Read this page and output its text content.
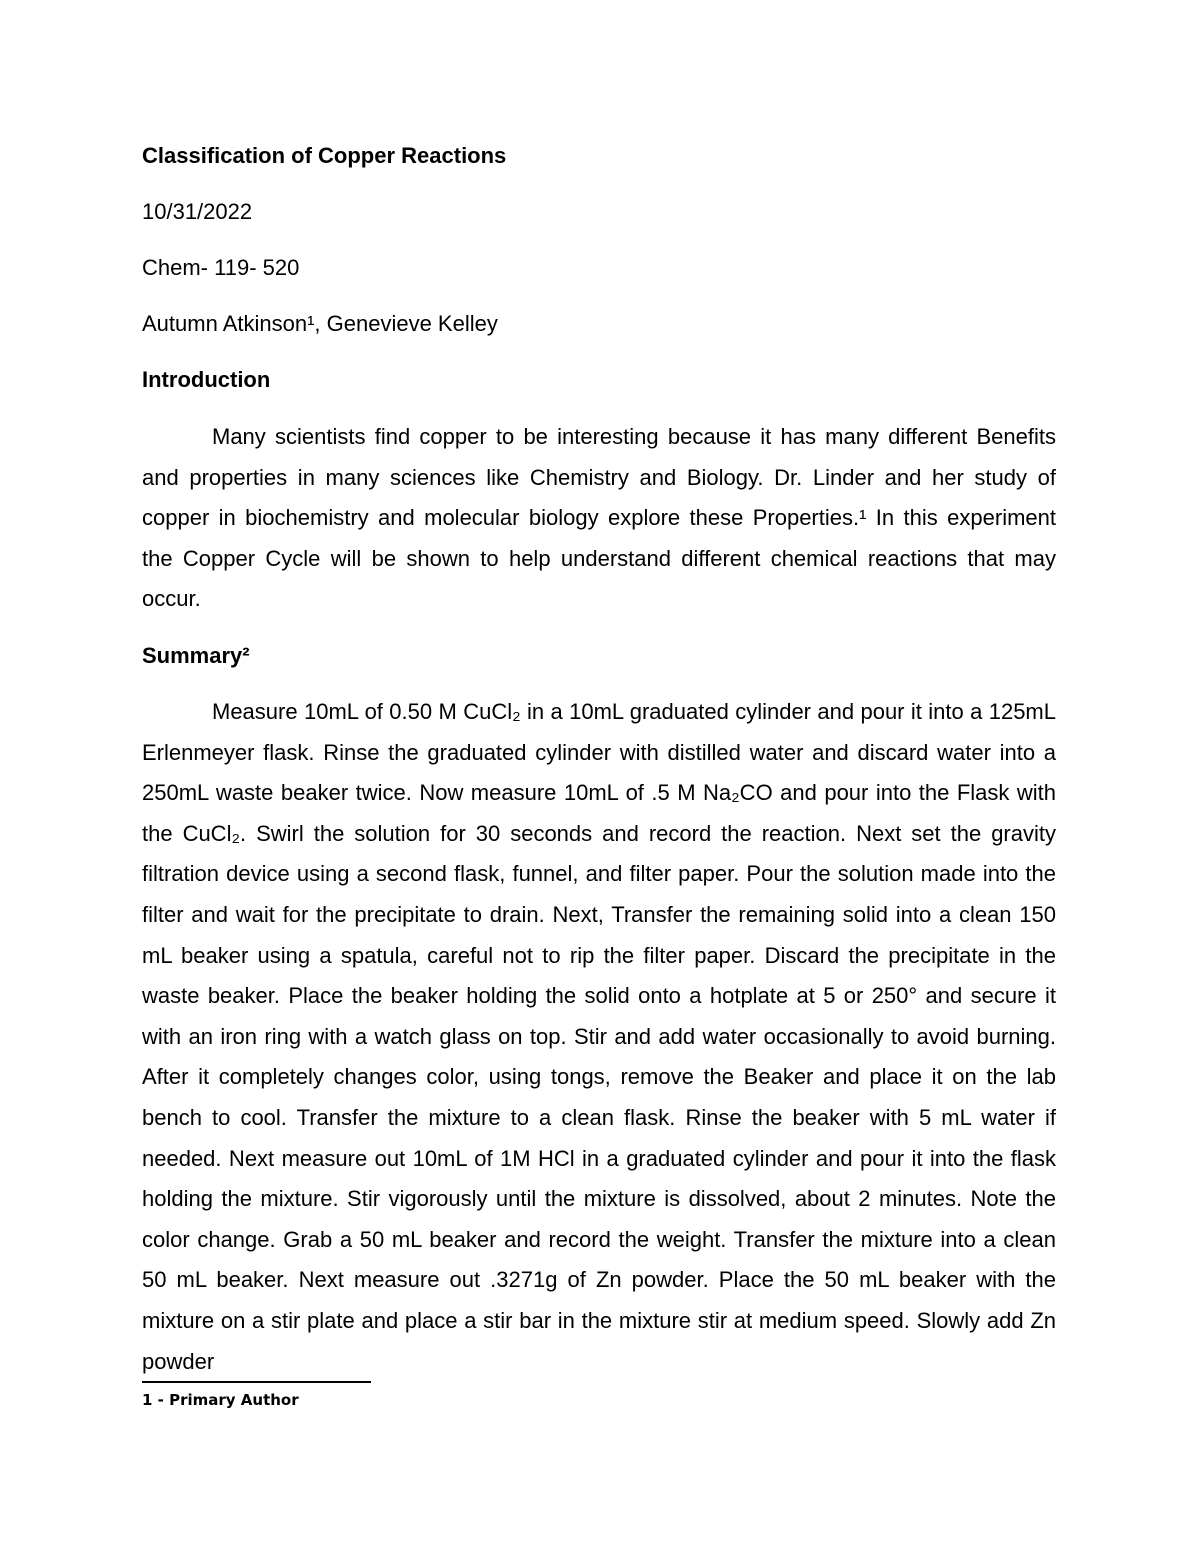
Classification of Copper Reactions
10/31/2022
Chem- 119- 520
Autumn Atkinson¹, Genevieve Kelley
Introduction

Many scientists find copper to be interesting because it has many different Benefits and properties in many sciences like Chemistry and Biology. Dr. Linder and her study of copper in biochemistry and molecular biology explore these Properties.¹ In this experiment the Copper Cycle will be shown to help understand different chemical reactions that may occur.

Summary²

Measure 10mL of 0.50 M CuCl₂ in a 10mL graduated cylinder and pour it into a 125mL Erlenmeyer flask. Rinse the graduated cylinder with distilled water and discard water into a 250mL waste beaker twice. Now measure 10mL of .5 M Na₂CO and pour into the Flask with the CuCl₂. Swirl the solution for 30 seconds and record the reaction. Next set the gravity filtration device using a second flask, funnel, and filter paper. Pour the solution made into the filter and wait for the precipitate to drain. Next, Transfer the remaining solid into a clean 150 mL beaker using a spatula, careful not to rip the filter paper. Discard the precipitate in the waste beaker. Place the beaker holding the solid onto a hotplate at 5 or 250° and secure it with an iron ring with a watch glass on top. Stir and add water occasionally to avoid burning. After it completely changes color, using tongs, remove the Beaker and place it on the lab bench to cool. Transfer the mixture to a clean flask. Rinse the beaker with 5 mL water if needed. Next measure out 10mL of 1M HCl in a graduated cylinder and pour it into the flask holding the mixture. Stir vigorously until the mixture is dissolved, about 2 minutes. Note the color change. Grab a 50 mL beaker and record the weight. Transfer the mixture into a clean 50 mL beaker. Next measure out .3271g of Zn powder. Place the 50 mL beaker with the mixture on a stir plate and place a stir bar in the mixture stir at medium speed. Slowly add Zn powder

1 - Primary Author
